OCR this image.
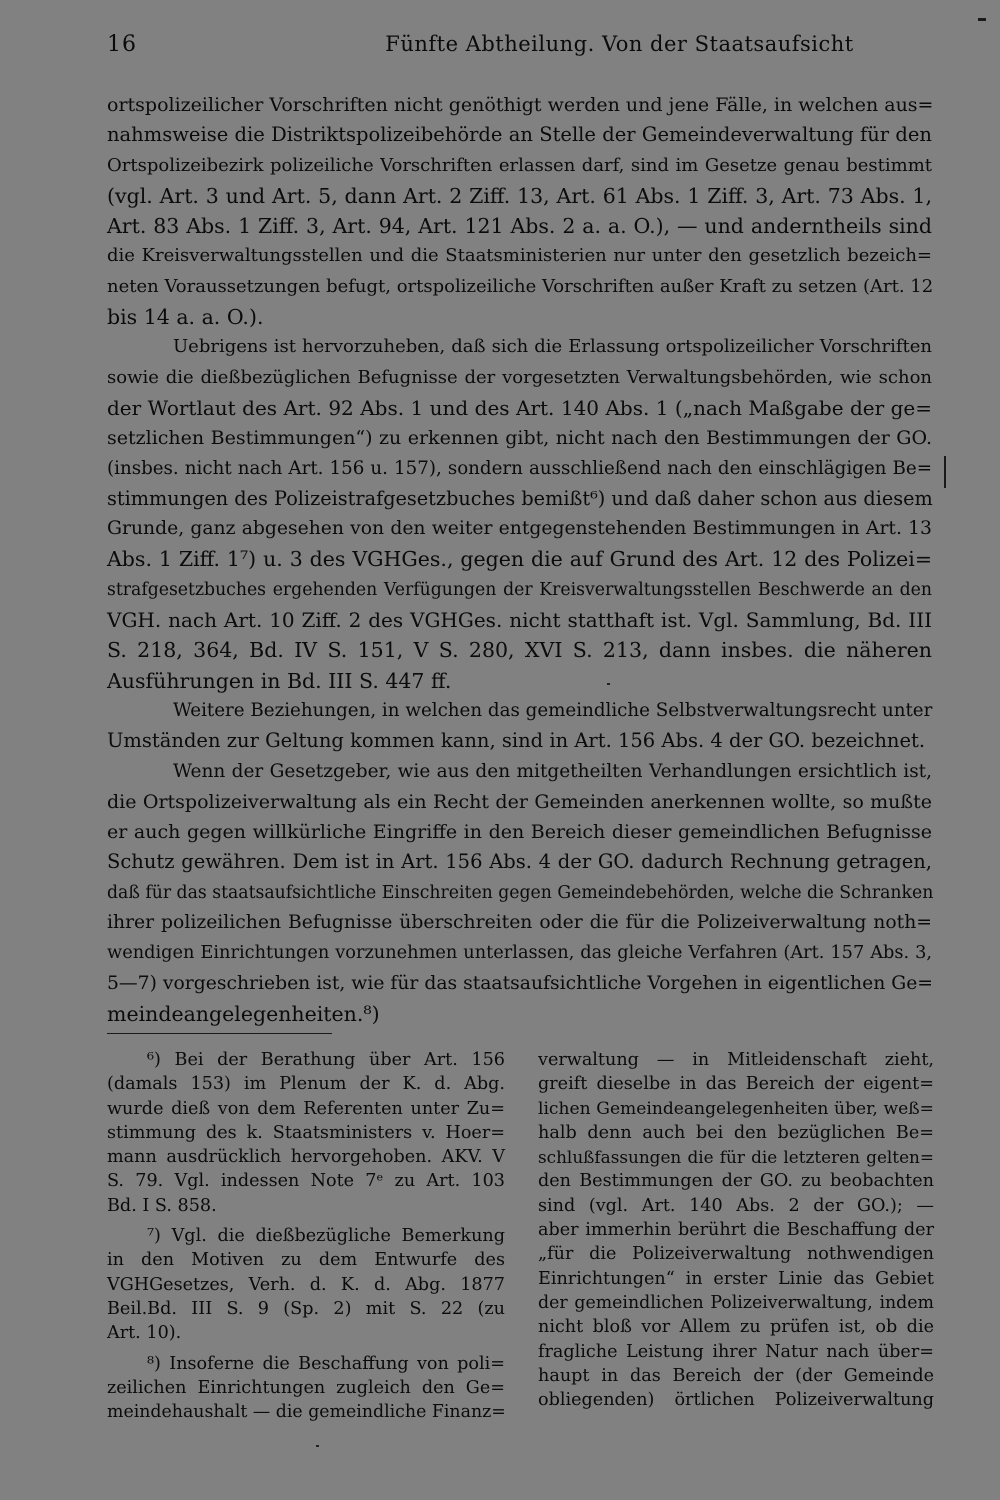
16	Fünfte Abtheilung. Von der Staatsaufsicht
ortspolizeilicher Vorschriften nicht genöthigt werden und jene Fälle, in welchen aus=
nahmsweise die Distriktspolizeibehörde an Stelle der Gemeindeverwaltung für den
Ortspolizeibezirk polizeiliche Vorschriften erlassen darf, sind im Gesetze genau bestimmt
(vgl. Art. 3 und Art. 5, dann Art. 2 Ziff. 13, Art. 61 Abs. 1 Ziff. 3, Art. 73 Abs. 1,
Art. 83 Abs. 1 Ziff. 3, Art. 94, Art. 121 Abs. 2 a. a. O.), — und anderntheils sind
die Kreisverwaltungsstellen und die Staatsministerien nur unter den gesetzlich bezeich=
neten Voraussetzungen befugt, ortspolizeiliche Vorschriften außer Kraft zu setzen (Art. 12
bis 14 a. a. O.).
Uebrigens ist hervorzuheben, daß sich die Erlassung ortspolizeilicher Vorschriften
sowie die dießbezüglichen Befugnisse der vorgesetzten Verwaltungsbehörden, wie schon
der Wortlaut des Art. 92 Abs. 1 und des Art. 140 Abs. 1 („nach Maßgabe der ge=
setzlichen Bestimmungen“) zu erkennen gibt, nicht nach den Bestimmungen der GO.
(insbes. nicht nach Art. 156 u. 157), sondern ausschließend nach den einschlägigen Be=
stimmungen des Polizeistrafgesetzbuches bemißt⁶) und daß daher schon aus diesem
Grunde, ganz abgesehen von den weiter entgegenstehenden Bestimmungen in Art. 13
Abs. 1 Ziff. 1⁷) u. 3 des VGHGes., gegen die auf Grund des Art. 12 des Polizei=
strafgesetzbuches ergehenden Verfügungen der Kreisverwaltungsstellen Beschwerde an den
VGH. nach Art. 10 Ziff. 2 des VGHGes. nicht statthaft ist. Vgl. Sammlung, Bd. III
S. 218, 364, Bd. IV S. 151, V S. 280, XVI S. 213, dann insbes. die näheren
Ausführungen in Bd. III S. 447 ff.
Weitere Beziehungen, in welchen das gemeindliche Selbstverwaltungsrecht unter
Umständen zur Geltung kommen kann, sind in Art. 156 Abs. 4 der GO. bezeichnet.
Wenn der Gesetzgeber, wie aus den mitgetheilten Verhandlungen ersichtlich ist,
die Ortspolizeiverwaltung als ein Recht der Gemeinden anerkennen wollte, so mußte
er auch gegen willkürliche Eingriffe in den Bereich dieser gemeindlichen Befugnisse
Schutz gewähren. Dem ist in Art. 156 Abs. 4 der GO. dadurch Rechnung getragen,
daß für das staatsaufsichtliche Einschreiten gegen Gemeindebehörden, welche die Schranken
ihrer polizeilichen Befugnisse überschreiten oder die für die Polizeiverwaltung noth=
wendigen Einrichtungen vorzunehmen unterlassen, das gleiche Verfahren (Art. 157 Abs. 3,
5—7) vorgeschrieben ist, wie für das staatsaufsichtliche Vorgehen in eigentlichen Ge=
meindeangelegenheiten.⁸)
⁶) Bei der Berathung über Art. 156
(damals 153) im Plenum der K. d. Abg.
wurde dieß von dem Referenten unter Zu=
stimmung des k. Staatsministers v. Hoer=
mann ausdrücklich hervorgehoben. AKV. V
S. 79. Vgl. indessen Note 7ᵉ zu Art. 103
Bd. I S. 858.
⁷) Vgl. die dießbezügliche Bemerkung
in den Motiven zu dem Entwurfe des
VGHGesetzes, Verh. d. K. d. Abg. 1877
Beil.Bd. III S. 9 (Sp. 2) mit S. 22 (zu
Art. 10).
⁸) Insoferne die Beschaffung von poli=
zeilichen Einrichtungen zugleich den Ge=
meindehaushalt — die gemeindliche Finanz=
verwaltung — in Mitleidenschaft zieht,
greift dieselbe in das Bereich der eigent=
lichen Gemeindeangelegenheiten über, weß=
halb denn auch bei den bezüglichen Be=
schlußfassungen die für die letzteren gelten=
den Bestimmungen der GO. zu beobachten
sind (vgl. Art. 140 Abs. 2 der GO.); —
aber immerhin berührt die Beschaffung der
„für die Polizeiverwaltung nothwendigen
Einrichtungen“ in erster Linie das Gebiet
der gemeindlichen Polizeiverwaltung, indem
nicht bloß vor Allem zu prüfen ist, ob die
fragliche Leistung ihrer Natur nach über=
haupt in das Bereich der (der Gemeinde
obliegenden) örtlichen Polizeiverwaltung
